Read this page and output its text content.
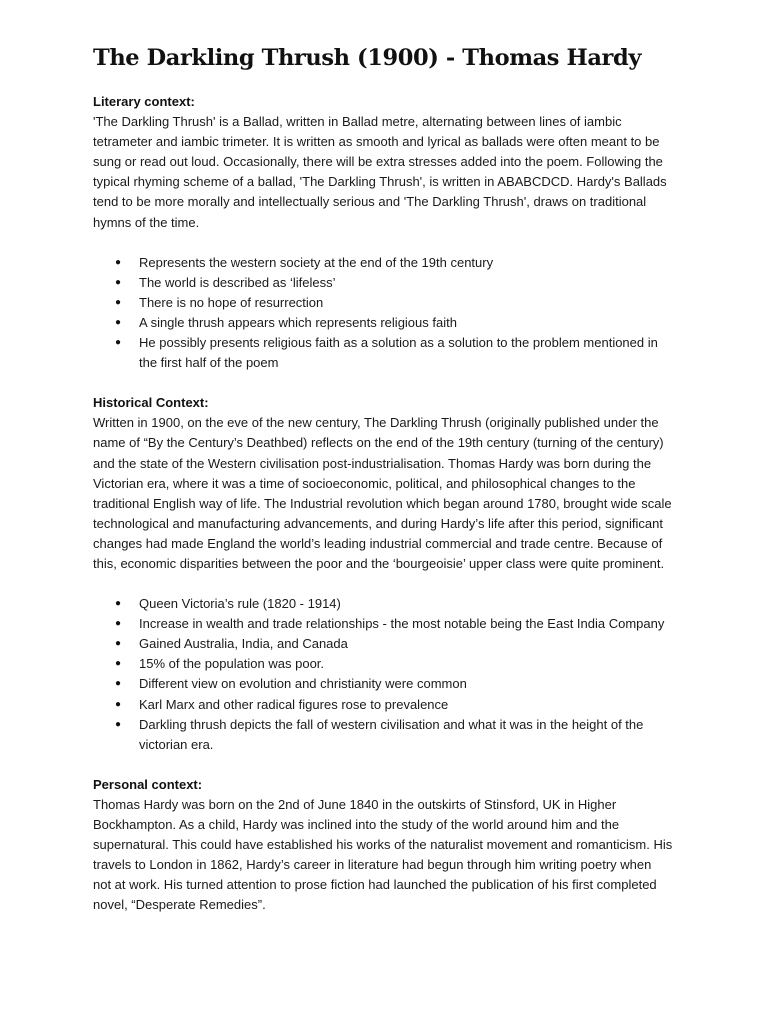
The Darkling Thrush (1900) - Thomas Hardy
Literary context:

'The Darkling Thrush' is a Ballad, written in Ballad metre, alternating between lines of iambic tetrameter and iambic trimeter. It is written as smooth and lyrical as ballads were often meant to be sung or read out loud. Occasionally, there will be extra stresses added into the poem. Following the typical rhyming scheme of a ballad, 'The Darkling Thrush', is written in ABABCDCD. Hardy's Ballads tend to be more morally and intellectually serious and 'The Darkling Thrush', draws on traditional hymns of the time.

● Represents the western society at the end of the 19th century
● The world is described as ‘lifeless’
● There is no hope of resurrection
● A single thrush appears which represents religious faith
● He possibly presents religious faith as a solution as a solution to the problem mentioned in the first half of the poem
Historical Context:

Written in 1900, on the eve of the new century, The Darkling Thrush (originally published under the name of “By the Century’s Deathbed) reflects on the end of the 19th century (turning of the century) and the state of the Western civilisation post-industrialisation. Thomas Hardy was born during the Victorian era, where it was a time of socioeconomic, political, and philosophical changes to the traditional English way of life. The Industrial revolution which began around 1780, brought wide scale technological and manufacturing advancements, and during Hardy’s life after this period, significant changes had made England the world’s leading industrial commercial and trade centre. Because of this, economic disparities between the poor and the ‘bourgeoisie’ upper class were quite prominent.

● Queen Victoria’s rule (1820 - 1914)
● Increase in wealth and trade relationships - the most notable being the East India Company
● Gained Australia, India, and Canada
● 15% of the population was poor.
● Different view on evolution and christianity were common
● Karl Marx and other radical figures rose to prevalence
● Darkling thrush depicts the fall of western civilisation and what it was in the height of the victorian era.
Personal context:

Thomas Hardy was born on the 2nd of June 1840 in the outskirts of Stinsford, UK in Higher Bockhampton. As a child, Hardy was inclined into the study of the world around him and the supernatural. This could have established his works of the naturalist movement and romanticism. His travels to London in 1862, Hardy’s career in literature had begun through him writing poetry when not at work. His turned attention to prose fiction had launched the publication of his first completed novel, “Desperate Remedies”.
